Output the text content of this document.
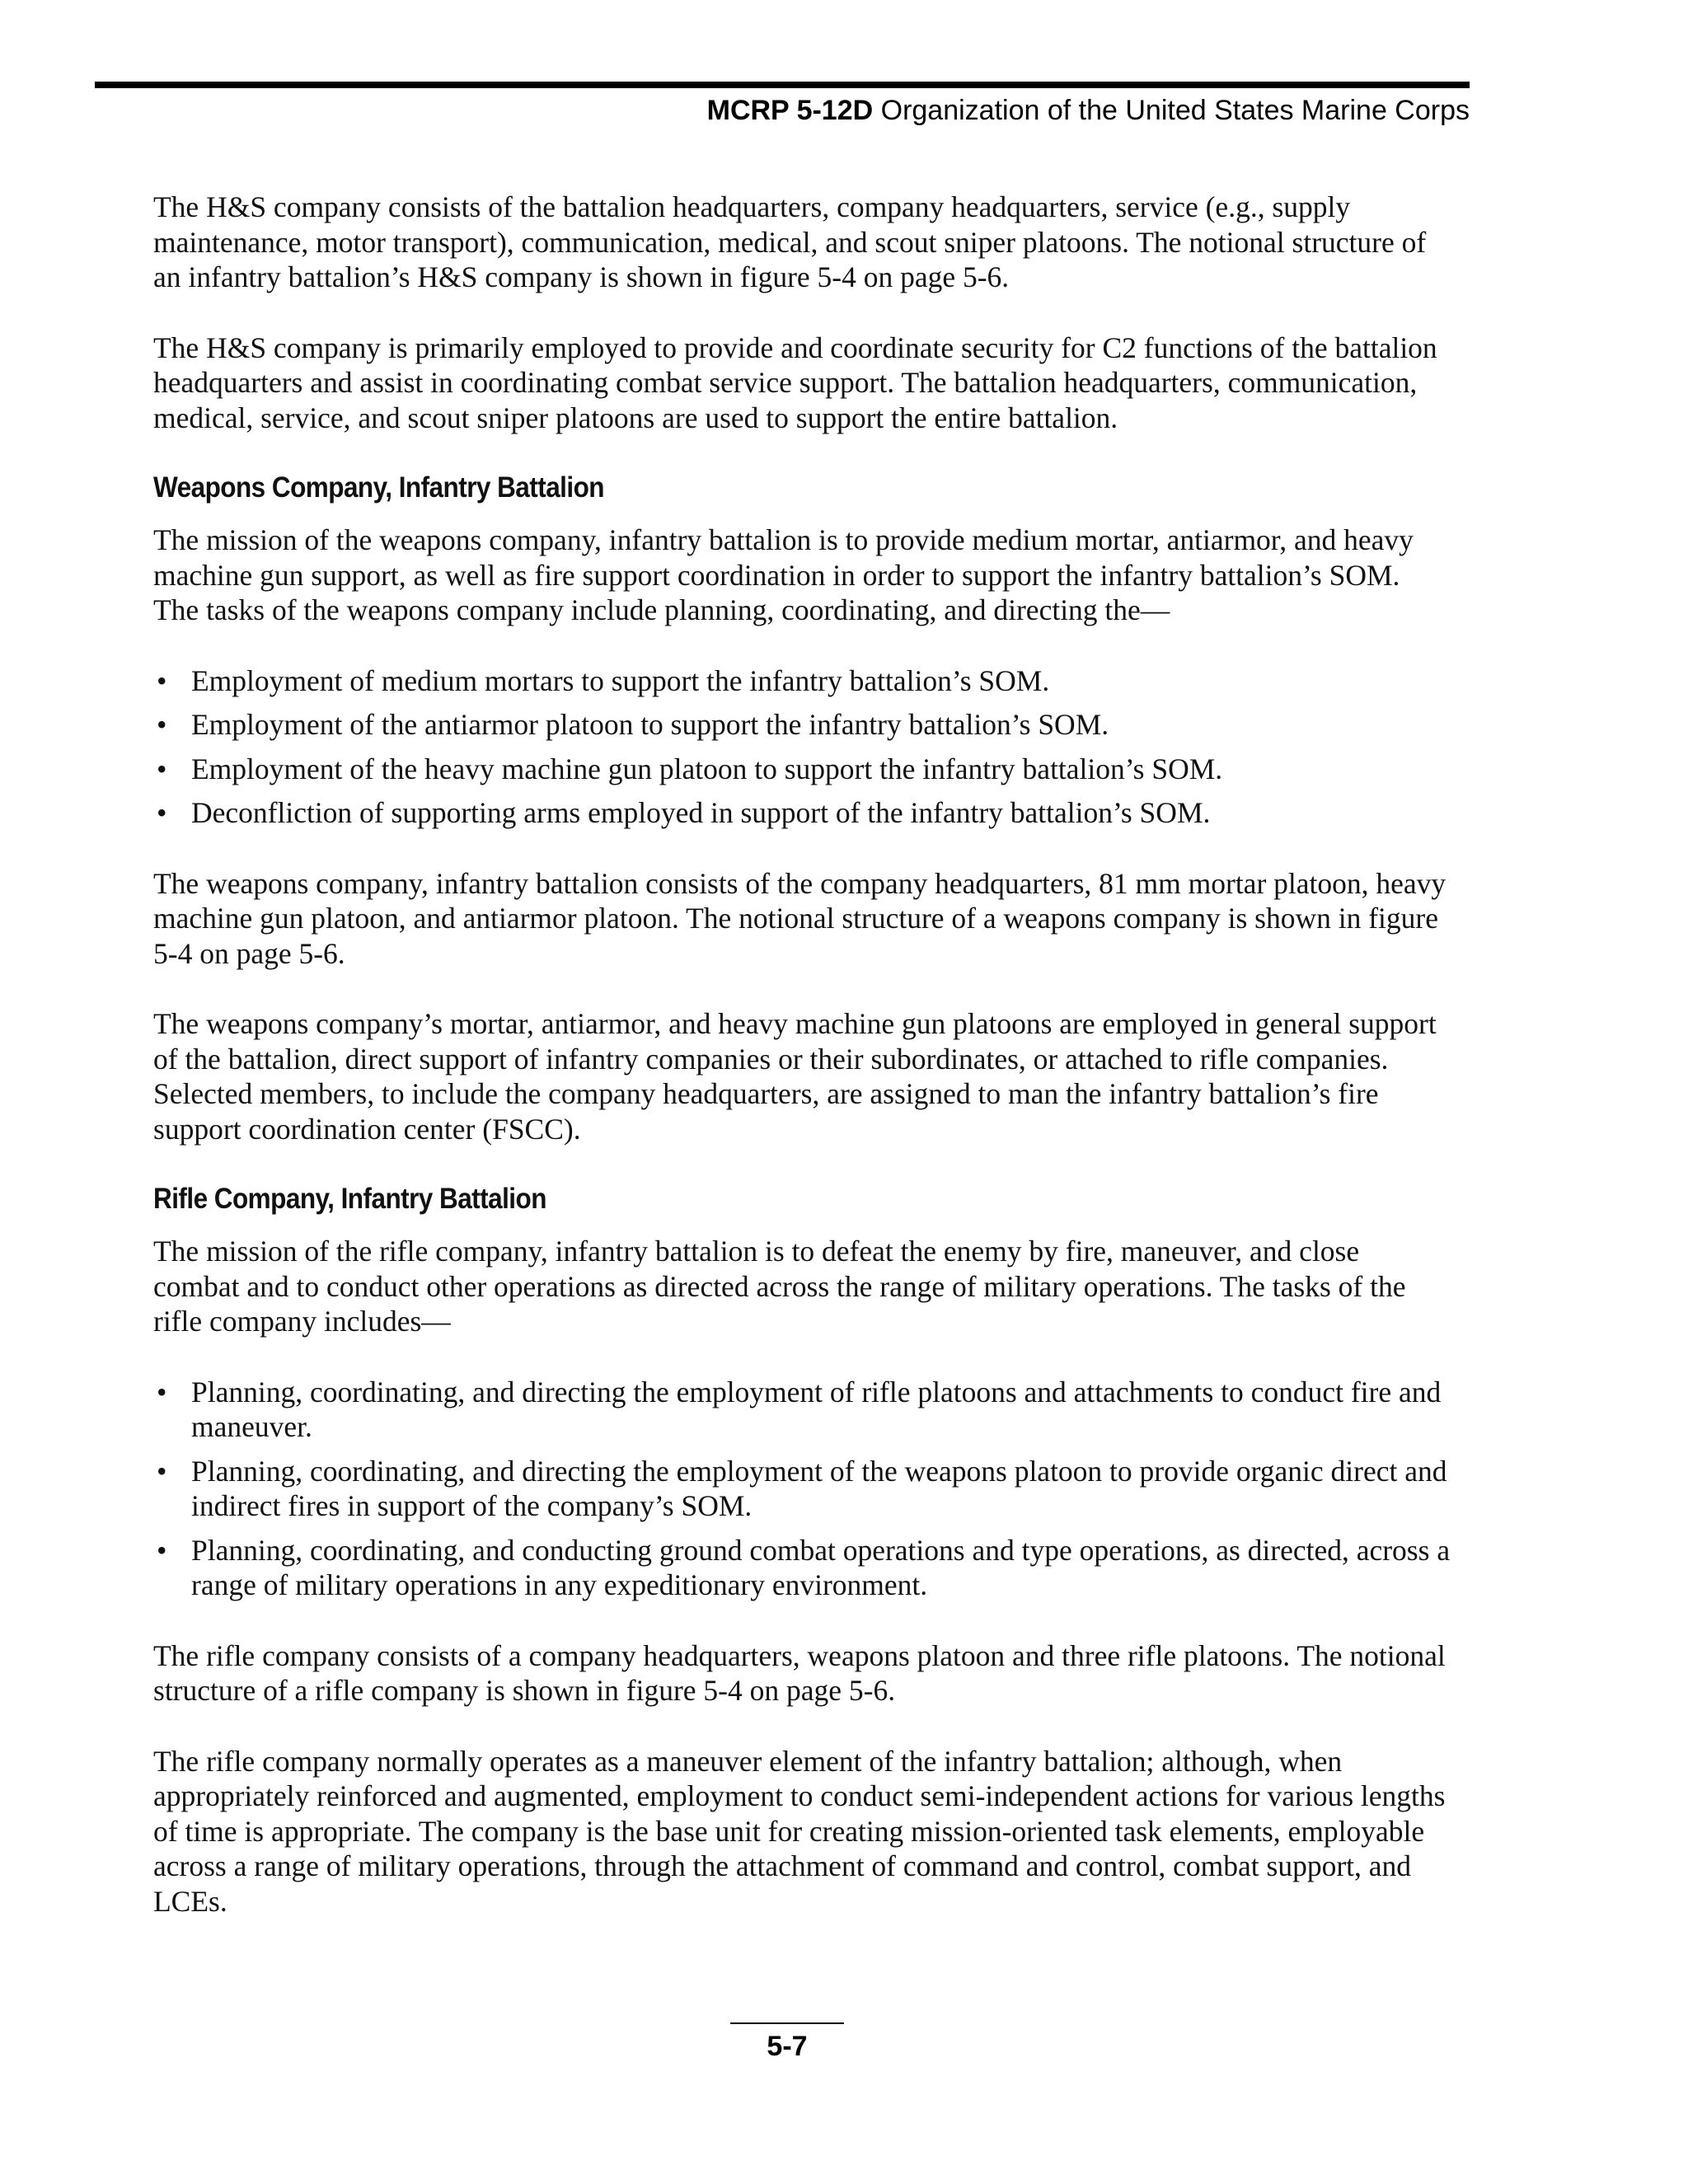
MCRP 5-12D Organization of the United States Marine Corps

The H&S company consists of the battalion headquarters, company headquarters, service (e.g., supply maintenance, motor transport), communication, medical, and scout sniper platoons. The notional structure of an infantry battalion’s H&S company is shown in figure 5-4 on page 5-6.

The H&S company is primarily employed to provide and coordinate security for C2 functions of the battalion headquarters and assist in coordinating combat service support. The battalion headquarters, communication, medical, service, and scout sniper platoons are used to support the entire battalion.

Weapons Company, Infantry Battalion

The mission of the weapons company, infantry battalion is to provide medium mortar, antiarmor, and heavy machine gun support, as well as fire support coordination in order to support the infantry battalion’s SOM. The tasks of the weapons company include planning, coordinating, and directing the—

• Employment of medium mortars to support the infantry battalion’s SOM.
• Employment of the antiarmor platoon to support the infantry battalion’s SOM.
• Employment of the heavy machine gun platoon to support the infantry battalion’s SOM.
• Deconfliction of supporting arms employed in support of the infantry battalion’s SOM.

The weapons company, infantry battalion consists of the company headquarters, 81 mm mortar platoon, heavy machine gun platoon, and antiarmor platoon. The notional structure of a weapons company is shown in figure 5-4 on page 5-6.

The weapons company’s mortar, antiarmor, and heavy machine gun platoons are employed in general support of the battalion, direct support of infantry companies or their subordinates, or attached to rifle companies. Selected members, to include the company headquarters, are assigned to man the infantry battalion’s fire support coordination center (FSCC).

Rifle Company, Infantry Battalion

The mission of the rifle company, infantry battalion is to defeat the enemy by fire, maneuver, and close combat and to conduct other operations as directed across the range of military operations. The tasks of the rifle company includes—

• Planning, coordinating, and directing the employment of rifle platoons and attachments to conduct fire and maneuver.
• Planning, coordinating, and directing the employment of the weapons platoon to provide organic direct and indirect fires in support of the company’s SOM.
• Planning, coordinating, and conducting ground combat operations and type operations, as directed, across a range of military operations in any expeditionary environment.

The rifle company consists of a company headquarters, weapons platoon and three rifle platoons. The notional structure of a rifle company is shown in figure 5-4 on page 5-6.

The rifle company normally operates as a maneuver element of the infantry battalion; although, when appropriately reinforced and augmented, employment to conduct semi-independent actions for various lengths of time is appropriate. The company is the base unit for creating mission-oriented task elements, employable across a range of military operations, through the attachment of command and control, combat support, and LCEs.

5-7
